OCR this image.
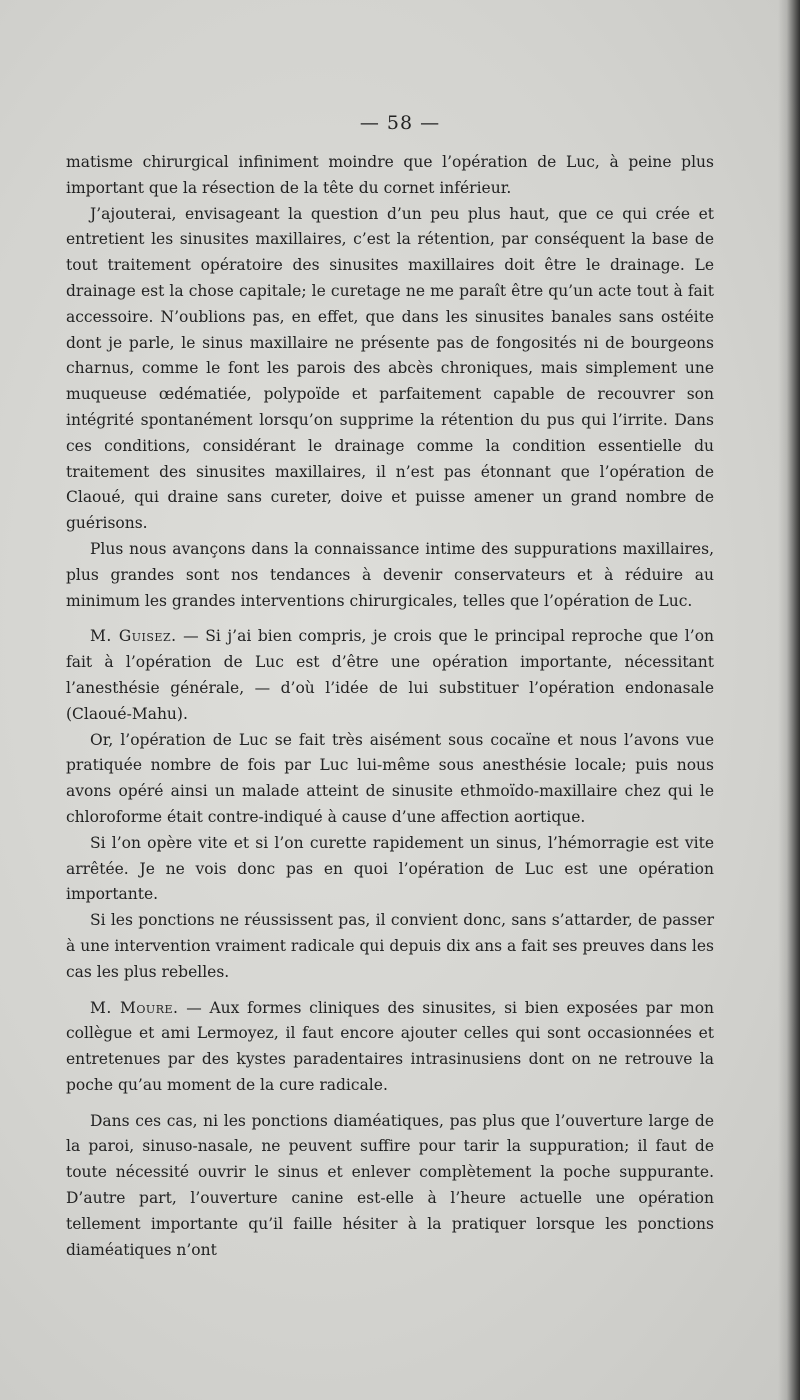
— 58 —

matisme chirurgical infiniment moindre que l’opération de Luc, à peine plus important que la résection de la tête du cornet inférieur.

J’ajouterai, envisageant la question d’un peu plus haut, que ce qui crée et entretient les sinusites maxillaires, c’est la rétention, par conséquent la base de tout traitement opératoire des sinusites maxillaires doit être le drainage. Le drainage est la chose capitale; le curetage ne me paraît être qu’un acte tout à fait accessoire. N’oublions pas, en effet, que dans les sinusites banales sans ostéite dont je parle, le sinus maxillaire ne présente pas de fongosités ni de bourgeons charnus, comme le font les parois des abcès chroniques, mais simplement une muqueuse œdématiée, polypoïde et parfaitement capable de recouvrer son intégrité spontanément lorsqu’on supprime la rétention du pus qui l’irrite. Dans ces conditions, considérant le drainage comme la condition essentielle du traitement des sinusites maxillaires, il n’est pas étonnant que l’opération de Claoué, qui draine sans cureter, doive et puisse amener un grand nombre de guérisons.

Plus nous avançons dans la connaissance intime des suppurations maxillaires, plus grandes sont nos tendances à devenir conservateurs et à réduire au minimum les grandes interventions chirurgicales, telles que l’opération de Luc.

M. Guisez. — Si j’ai bien compris, je crois que le principal reproche que l’on fait à l’opération de Luc est d’être une opération importante, nécessitant l’anesthésie générale, — d’où l’idée de lui substituer l’opération endonasale (Claoué-Mahu).

Or, l’opération de Luc se fait très aisément sous cocaïne et nous l’avons vue pratiquée nombre de fois par Luc lui-même sous anesthésie locale; puis nous avons opéré ainsi un malade atteint de sinusite ethmoïdo-maxillaire chez qui le chloroforme était contre-indiqué à cause d’une affection aortique.

Si l’on opère vite et si l’on curette rapidement un sinus, l’hémorragie est vite arrêtée. Je ne vois donc pas en quoi l’opération de Luc est une opération importante.

Si les ponctions ne réussissent pas, il convient donc, sans s’attarder, de passer à une intervention vraiment radicale qui depuis dix ans a fait ses preuves dans les cas les plus rebelles.

M. Moure. — Aux formes cliniques des sinusites, si bien exposées par mon collègue et ami Lermoyez, il faut encore ajouter celles qui sont occasionnées et entretenues par des kystes paradentaires intrasinusiens dont on ne retrouve la poche qu’au moment de la cure radicale.

Dans ces cas, ni les ponctions diaméatiques, pas plus que l’ouverture large de la paroi, sinuso-nasale, ne peuvent suffire pour tarir la suppuration; il faut de toute nécessité ouvrir le sinus et enlever complètement la poche suppurante. D’autre part, l’ouverture canine est-elle à l’heure actuelle une opération tellement importante qu’il faille hésiter à la pratiquer lorsque les ponctions diaméatiques n’ont
